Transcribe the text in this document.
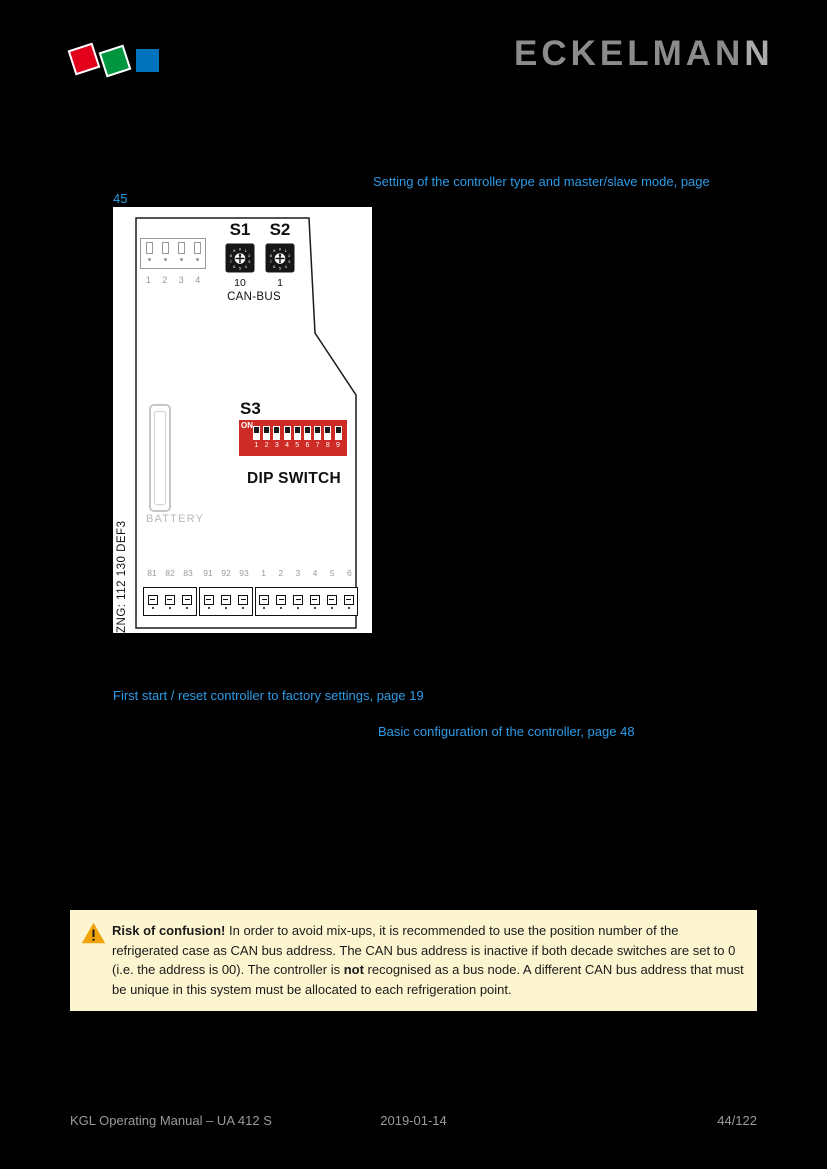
ECKELMANN
Setting of the controller type and master/slave mode, page
45
ZNG: 112 130 DEF3
1 2 3 4
S1 S2
0 1
2
3
4
5
6
7
8
9	0 1
2
3
4
5
6
7
8
9
10	1
CAN-BUS
S3
ON
1 2 3 4 5 6 7 8 9
DIP SWITCH
BATTERY
81 82 83 91 92 93 1 2 3 4 5 6
First start / reset controller to factory settings, page 19
Basic configuration of the controller, page 48
Risk of confusion! In order to avoid mix-ups, it is recommended to use the position number of the refrigerated case as CAN bus address. The CAN bus address is inactive if both decade switches are set to 0 (i.e. the address is 00). The controller is not recognised as a bus node. A different CAN bus address that must be unique in this system must be allocated to each refrigeration point.
KGL Operating Manual – UA 412 S	2019-01-14	44/122
